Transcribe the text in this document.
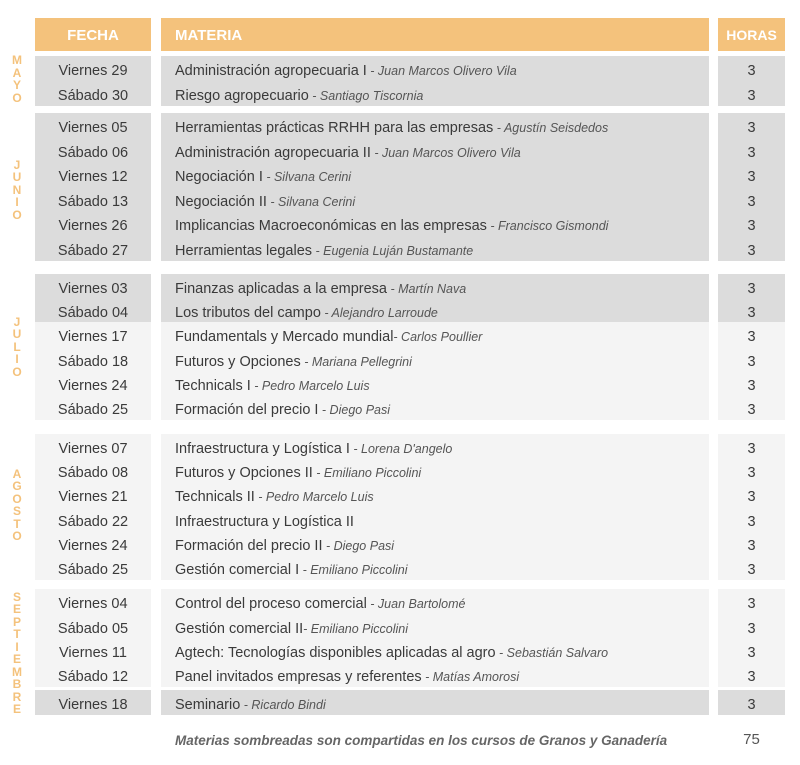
FECHA	MATERIA	HORAS
M
A
Y
O
J
U
N
I
O
J
U
L
I
O
A
G
O
S
T
O
S
E
P
T
I
E
M
B
R
E
Viernes 29	Administración agropecuaria I - Juan Marcos Olivero Vila	3
Sábado 30	Riesgo agropecuario - Santiago Tiscornia	3
Viernes 05	Herramientas prácticas RRHH para las empresas - Agustín Seisdedos	3
Sábado 06	Administración agropecuaria II - Juan Marcos Olivero Vila	3
Viernes 12	Negociación I - Silvana Cerini	3
Sábado 13	Negociación II - Silvana Cerini	3
Viernes 26	Implicancias Macroeconómicas en las empresas - Francisco Gismondi	3
Sábado 27	Herramientas legales - Eugenia Luján Bustamante	3
Viernes 03	Finanzas aplicadas a la empresa - Martín Nava	3
Sábado 04	Los tributos del campo - Alejandro Larroude	3
Viernes 17	Fundamentals y Mercado mundial- Carlos Poullier	3
Sábado 18	Futuros y Opciones - Mariana Pellegrini	3
Viernes 24	Technicals I - Pedro Marcelo Luis	3
Sábado 25	Formación del precio I - Diego Pasi	3
Viernes 07	Infraestructura y Logística I - Lorena D'angelo	3
Sábado 08	Futuros y Opciones II - Emiliano Piccolini	3
Viernes 21	Technicals II - Pedro Marcelo Luis	3
Sábado 22	Infraestructura y Logística II	3
Viernes 24	Formación del precio II - Diego Pasi	3
Sábado 25	Gestión comercial I - Emiliano Piccolini	3
Viernes 04	Control del proceso comercial - Juan Bartolomé	3
Sábado 05	Gestión comercial II- Emiliano Piccolini	3
Viernes 11	Agtech: Tecnologías disponibles aplicadas al agro - Sebastián Salvaro	3
Sábado 12	Panel invitados empresas y referentes - Matías Amorosi	3
Viernes 18	Seminario - Ricardo Bindi	3
Materias sombreadas son compartidas en los cursos de Granos y Ganadería	75
